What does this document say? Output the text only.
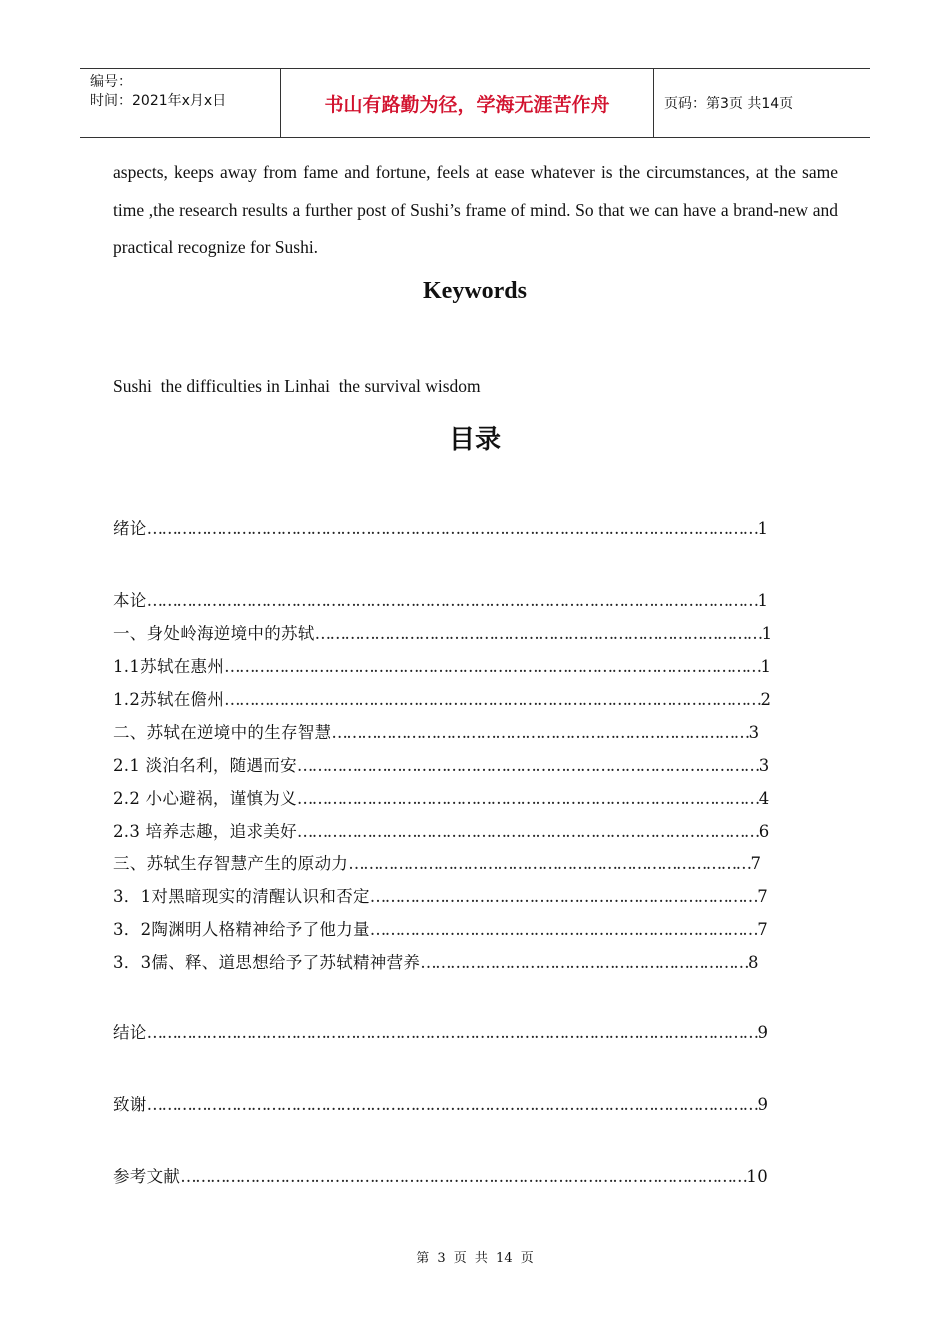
编号：
时间：2021年x月x日	书山有路勤为径，学海无涯苦作舟	页码：第3页 共14页
aspects, keeps away from fame and fortune, feels at ease whatever is the circumstances, at the same time ,the research results a further post of Sushi’s frame of mind. So that we can have a brand-new and practical recognize for Sushi.
Keywords
Sushi  the difficulties in Linhai  the survival wisdom
目录
绪论……………………………………………………………………………………………………………1
本论……………………………………………………………………………………………………………1
一、身处岭海逆境中的苏轼………………………………………………………………………………1
1.1苏轼在惠州………………………………………………………………………………………………1
1.2苏轼在儋州………………………………………………………………………………………………2
二、苏轼在逆境中的生存智慧…………………………………………………………………………3
2.1 淡泊名利，随遇而安…………………………………………………………………………………3
2.2 小心避祸，谨慎为义…………………………………………………………………………………4
2.3 培养志趣，追求美好…………………………………………………………………………………6
三、苏轼生存智慧产生的原动力………………………………………………………………………7
3．1对黑暗现实的清醒认识和否定……………………………………………………………………7
3．2陶渊明人格精神给予了他力量……………………………………………………………………7
3．3儒、释、道思想给予了苏轼精神营养…………………………………………………………8
结论……………………………………………………………………………………………………………9
致谢……………………………………………………………………………………………………………9
参考文献……………………………………………………………………………………………………10
第 3 页 共 14 页
